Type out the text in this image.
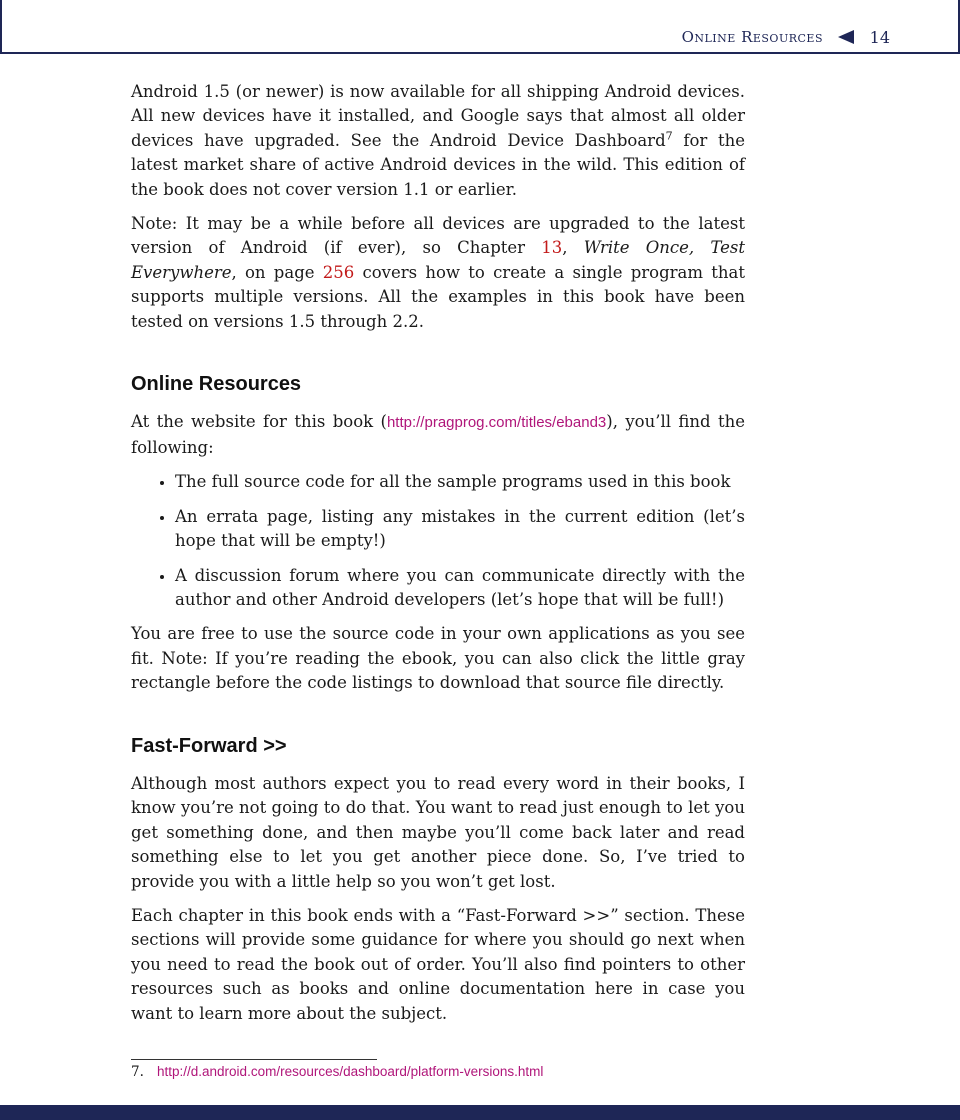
Online Resources	14

Android 1.5 (or newer) is now available for all shipping Android devices. All new devices have it installed, and Google says that almost all older devices have upgraded. See the Android Device Dashboard$^7$ for the latest market share of active Android devices in the wild. This edition of the book does not cover version 1.1 or earlier.

Note: It may be a while before all devices are upgraded to the latest version of Android (if ever), so Chapter 13, Write Once, Test Everywhere, on page 256 covers how to create a single program that supports multiple versions. All the examples in this book have been tested on versions 1.5 through 2.2.

Online Resources

At the website for this book (http://pragprog.com/titles/eband3), you’ll find the following:

• The full source code for all the sample programs used in this book
• An errata page, listing any mistakes in the current edition (let’s hope that will be empty!)
• A discussion forum where you can communicate directly with the author and other Android developers (let’s hope that will be full!)

You are free to use the source code in your own applications as you see fit. Note: If you’re reading the ebook, you can also click the little gray rectangle before the code listings to download that source file directly.

Fast-Forward >>

Although most authors expect you to read every word in their books, I know you’re not going to do that. You want to read just enough to let you get something done, and then maybe you’ll come back later and read something else to let you get another piece done. So, I’ve tried to provide you with a little help so you won’t get lost.

Each chapter in this book ends with a “Fast-Forward >>” section. These sections will provide some guidance for where you should go next when you need to read the book out of order. You’ll also find pointers to other resources such as books and online documentation here in case you want to learn more about the subject.

7. http://d.android.com/resources/dashboard/platform-versions.html
